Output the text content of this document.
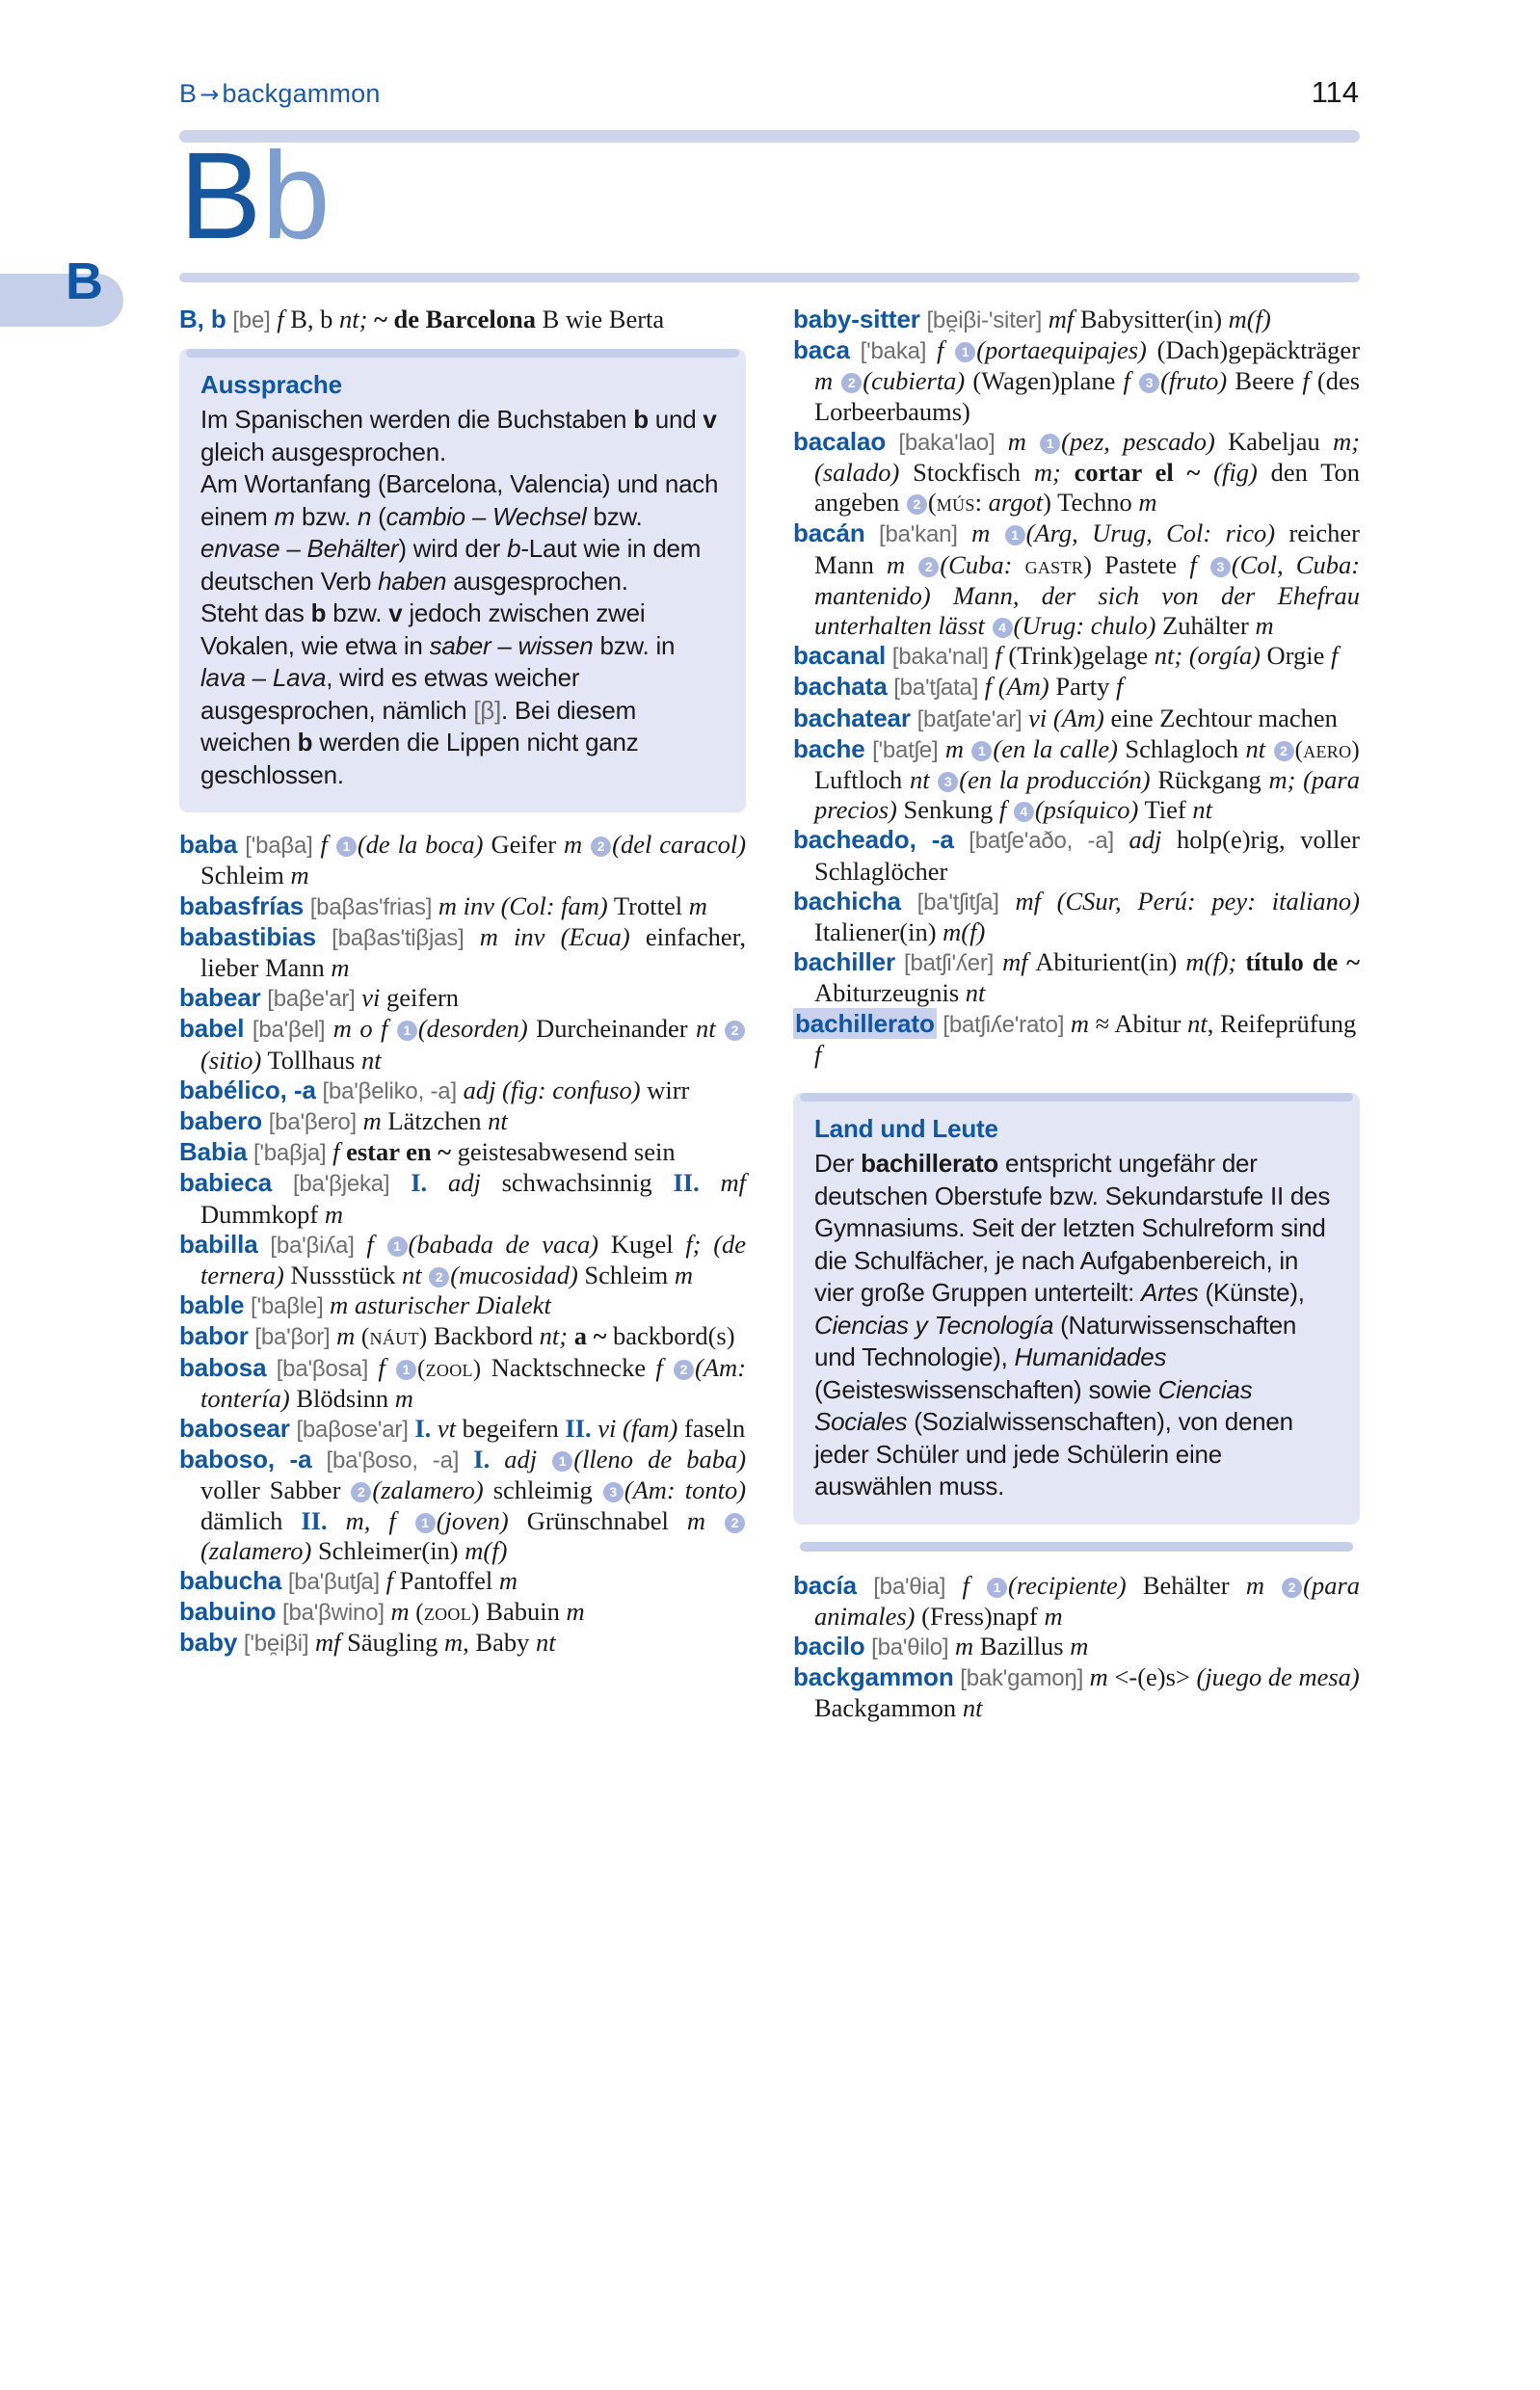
B → backgammon	114
Bb
B

B, b [be] f B, b nt; ~ de Barcelona B wie Berta

Aussprache
Im Spanischen werden die Buchstaben b und v gleich ausgesprochen.
Am Wortanfang (Barcelona, Valencia) und nach einem m bzw. n (cambio – Wechsel bzw. envase – Behälter) wird der b-Laut wie in dem deutschen Verb haben ausgesprochen.
Steht das b bzw. v jedoch zwischen zwei Vokalen, wie etwa in saber – wissen bzw. in lava – Lava, wird es etwas weicher ausgesprochen, nämlich [β]. Bei diesem weichen b werden die Lippen nicht ganz geschlossen.

baba ['baβa] f 1 (de la boca) Geifer m 2 (del caracol) Schleim m

babasfrías [baβas'frias] m inv (Col: fam) Trottel m

babastibias [baβas'tiβjas] m inv (Ecua) einfacher, lieber Mann m

babear [baβe'ar] vi geifern

babel [ba'βel] m o f 1 (desorden) Durcheinander nt 2(sitio) Tollhaus nt

babélico, -a [ba'βeliko, -a] adj (fig: confuso) wirr

babero [ba'βero] m Lätzchen nt

Babia ['baβja] f estar en ~ geistesabwesend sein

babieca [ba'βjeka] I. adj schwachsinnig II. mf Dummkopf m

babilla [ba'βiʎa] f 1 (babada de vaca) Kugel f; (de ternera) Nussstück nt 2 (mucosidad) Schleim m

bable ['baβle] m asturischer Dialekt

babor [ba'βor] m (náut) Backbord nt; a ~ backbord(s)

babosa [ba'βosa] f 1 (zool) Nacktschnecke f 2 (Am: tontería) Blödsinn m

babosear [baβose'ar] I. vt begeifern II. vi (fam) faseln

baboso, -a [ba'βoso, -a] I. adj 1 (lleno de baba) voller Sabber 2 (zalamero) schleimig 3 (Am: tonto) dämlich II. m, f 1 (joven) Grünschnabel m 2(zalamero) Schleimer(in) m(f)

babucha [ba'βutʃa] f Pantoffel m

babuino [ba'βwino] m (zool) Babuin m

baby ['be̯iβi] mf Säugling m, Baby nt

baby-sitter [be̯iβi-'siter] mf Babysitter(in) m(f)

baca ['baka] f 1 (portaequipajes) (Dach)gepäckträger m 2 (cubierta) (Wagen)plane f 3 (fruto) Beere f (des Lorbeerbaums)

bacalao [baka'lao] m 1 (pez, pescado) Kabeljau m; (salado) Stockfisch m; cortar el ~ (fig) den Ton angeben 2 (mús: argot) Techno m

bacán [ba'kan] m 1 (Arg, Urug, Col: rico) reicher Mann m 2 (Cuba: gastr) Pastete f 3 (Col, Cuba: mantenido) Mann, der sich von der Ehefrau unterhalten lässt 4 (Urug: chulo) Zuhälter m

bacanal [baka'nal] f (Trink)gelage nt; (orgía) Orgie f

bachata [ba'tʃata] f (Am) Party f

bachatear [batʃate'ar] vi (Am) eine Zechtour machen

bache ['batʃe] m 1 (en la calle) Schlagloch nt 2 (aero) Luftloch nt 3 (en la producción) Rückgang m; (para precios) Senkung f 4 (psíquico) Tief nt

bacheado, -a [batʃe'aðo, -a] adj holp(e)rig, voller Schlaglöcher

bachicha [ba'tʃitʃa] mf (CSur, Perú: pey: italiano) Italiener(in) m(f)

bachiller [batʃi'ʎer] mf Abiturient(in) m(f); título de ~ Abiturzeugnis nt

bachillerato [batʃiʎe'rato] m ≈ Abitur nt, Reifeprüfung f

Land und Leute
Der bachillerato entspricht ungefähr der deutschen Oberstufe bzw. Sekundarstufe II des Gymnasiums. Seit der letzten Schulreform sind die Schulfächer, je nach Aufgabenbereich, in vier große Gruppen unterteilt: Artes (Künste), Ciencias y Tecnología (Naturwissenschaften und Technologie), Humanidades (Geisteswissenschaften) sowie Ciencias Sociales (Sozialwissenschaften), von denen jeder Schüler und jede Schülerin eine auswählen muss.

bacía [ba'θia] f 1 (recipiente) Behälter m 2 (para animales) (Fress)napf m

bacilo [ba'θilo] m Bazillus m

backgammon [bak'gamoŋ] m <-(e)s> (juego de mesa) Backgammon nt
